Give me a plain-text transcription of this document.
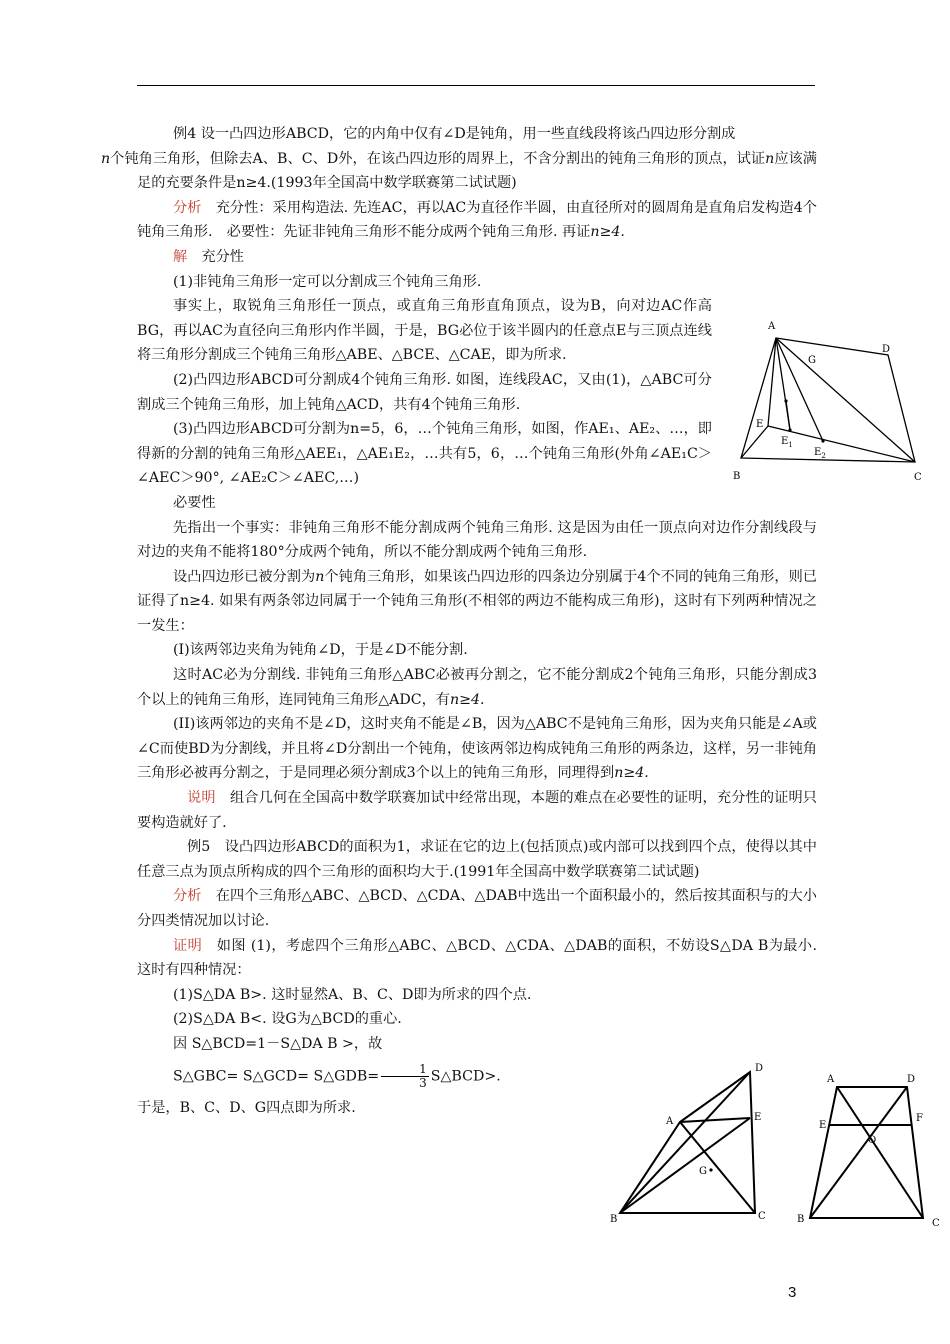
例4 设一凸四边形ABCD，它的内角中仅有∠D是钝角，用一些直线段将该凸四边形分割成
n个钝角三角形，但除去A、B、C、D外，在该凸四边形的周界上，不含分割出的钝角三角形的顶点，试证n应该满足的充要条件是n≥4.(1993年全国高中数学联赛第二试试题)

分析　充分性：采用构造法. 先连AC，再以AC为直径作半圆，由直径所对的圆周角是直角启发构造4个钝角三角形.　必要性：先证非钝角三角形不能分成两个钝角三角形. 再证n≥4.

解　充分性

(1)非钝角三角形一定可以分割成三个钝角三角形.

事实上，取锐角三角形任一顶点，或直角三角形直角顶点，设为B，向对边AC作高BG，再以AC为直径向三角形内作半圆，于是，BG必位于该半圆内的任意点E与三顶点连线将三角形分割成三个钝角三角形△ABE、△BCE、△CAE，即为所求.

(2)凸四边形ABCD可分割成4个钝角三角形. 如图，连线段AC，又由(1)，△ABC可分割成三个钝角三角形，加上钝角△ACD，共有4个钝角三角形.

(3)凸四边形ABCD可分割为n=5，6，…个钝角三角形，如图，作AE₁、AE₂、…，即得新的分割的钝角三角形△AEE₁，△AE₁E₂，…共有5，6，…个钝角三角形(外角∠AE₁C＞∠AEC＞90°, ∠AE₂C＞∠AEC,…)

必要性

先指出一个事实：非钝角三角形不能分割成两个钝角三角形. 这是因为由任一顶点向对边作分割线段与对边的夹角不能将180°分成两个钝角，所以不能分割成两个钝角三角形.

设凸四边形已被分割为n个钝角三角形，如果该凸四边形的四条边分别属于4个不同的钝角三角形，则已证得了n≥4. 如果有两条邻边同属于一个钝角三角形(不相邻的两边不能构成三角形)，这时有下列两种情况之一发生：

(I)该两邻边夹角为钝角∠D，于是∠D不能分割.

这时AC必为分割线. 非钝角三角形△ABC必被再分割之，它不能分割成2个钝角三角形，只能分割成3个以上的钝角三角形，连同钝角三角形△ADC，有n≥4.

(II)该两邻边的夹角不是∠D，这时夹角不能是∠B，因为△ABC不是钝角三角形，因为夹角只能是∠A或∠C而使BD为分割线，并且将∠D分割出一个钝角，使该两邻边构成钝角三角形的两条边，这样，另一非钝角三角形必被再分割之，于是同理必须分割成3个以上的钝角三角形，同理得到n≥4.

说明　组合几何在全国高中数学联赛加试中经常出现，本题的难点在必要性的证明，充分性的证明只要构造就好了.

例5　设凸四边形ABCD的面积为1，求证在它的边上(包括顶点)或内部可以找到四个点，使得以其中任意三点为顶点所构成的四个三角形的面积均大于.(1991年全国高中数学联赛第二试试题)

分析　在四个三角形△ABC、△BCD、△CDA、△DAB中选出一个面积最小的，然后按其面积与的大小分四类情况加以讨论.

证明　如图 (1)，考虑四个三角形△ABC、△BCD、△CDA、△DAB的面积，不妨设S△DA B为最小. 这时有四种情况：

(1)S△DA B>. 这时显然A、B、C、D即为所求的四个点.

(2)S△DA B<. 设G为△BCD的重心.

因 S△BCD=1－S△DA B >，故

S△GBC= S△GCD= S△GDB= $\frac{1}{3}$ S△BCD>.

于是，B、C、D、G四点即为所求.

A
D
G
E
$E_1$
$E_2$
B	C
D
A	E
G
B	C
A	D
E
F
O
B	C
3
